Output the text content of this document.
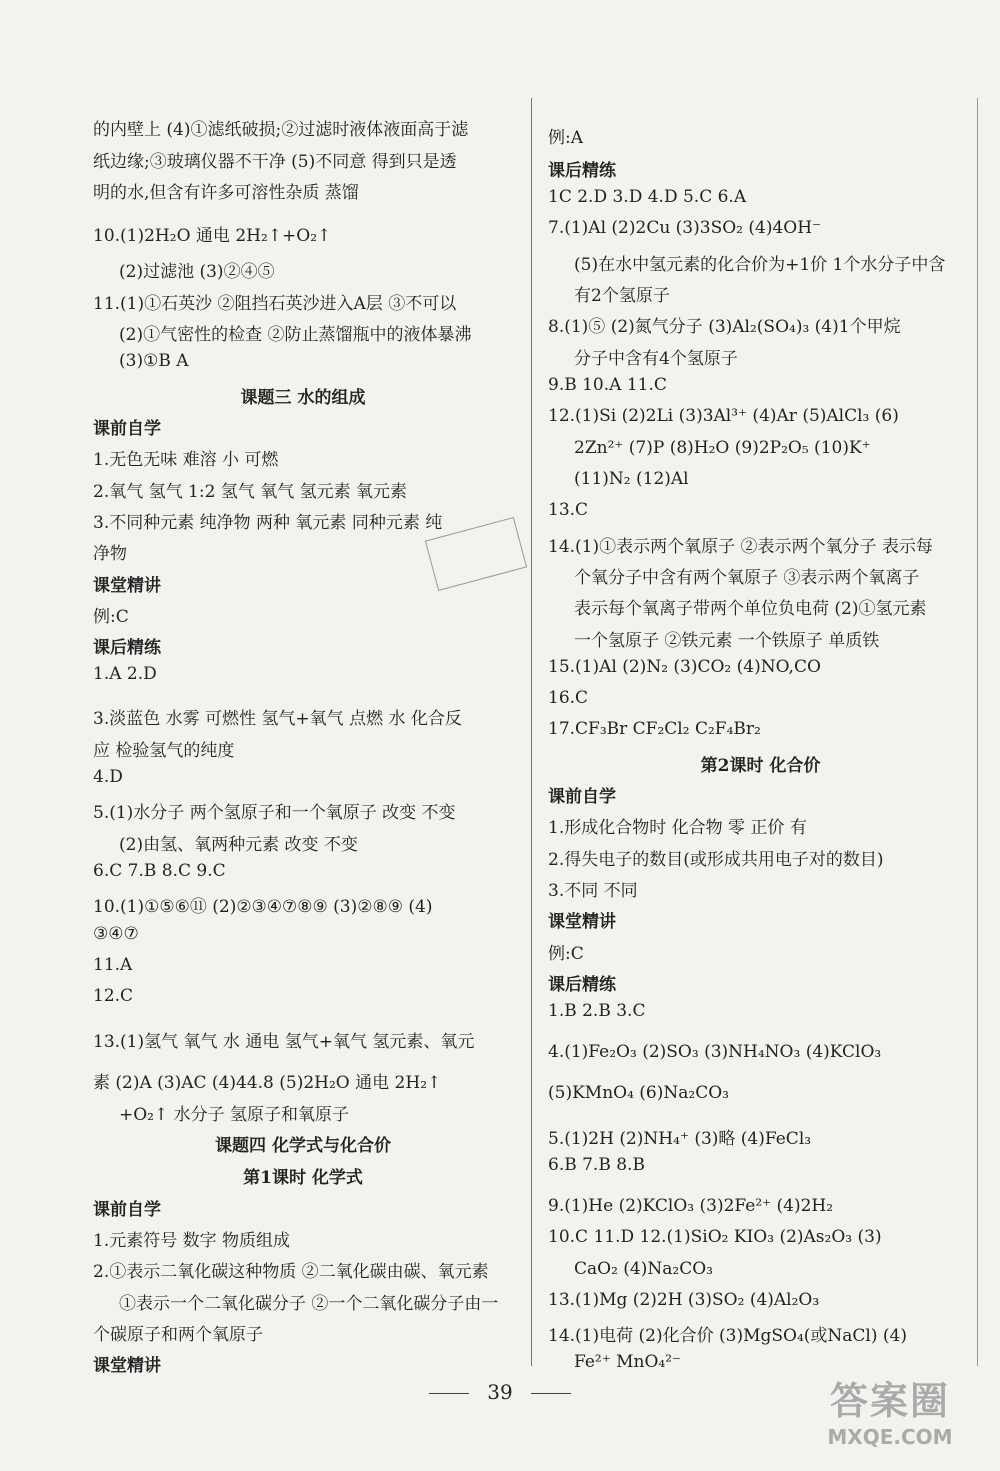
的内壁上 (4)①滤纸破损;②过滤时液体液面高于滤
纸边缘;③玻璃仪器不干净 (5)不同意 得到只是透
明的水,但含有许多可溶性杂质 蒸馏
10.(1)2H₂O 通电 2H₂↑+O₂↑
(2)过滤池 (3)②④⑤
11.(1)①石英沙 ②阻挡石英沙进入A层 ③不可以
(2)①气密性的检查 ②防止蒸馏瓶中的液体暴沸
(3)①B A
课题三 水的组成
课前自学
1.无色无味 难溶 小 可燃
2.氧气 氢气 1:2 氢气 氧气 氢元素 氧元素
3.不同种元素 纯净物 两种 氧元素 同种元素 纯
净物
课堂精讲
例:C
课后精练
1.A 2.D
3.淡蓝色 水雾 可燃性 氢气+氧气 点燃 水 化合反
应 检验氢气的纯度
4.D
5.(1)水分子 两个氢原子和一个氧原子 改变 不变
(2)由氢、氧两种元素 改变 不变
6.C 7.B 8.C 9.C
10.(1)①⑤⑥⑪ (2)②③④⑦⑧⑨ (3)②⑧⑨ (4)
③④⑦
11.A
12.C
13.(1)氢气 氧气 水 通电 氢气+氧气 氢元素、氧元
素 (2)A (3)AC (4)44.8 (5)2H₂O 通电 2H₂↑
+O₂↑ 水分子 氢原子和氧原子
课题四 化学式与化合价
第1课时 化学式
课前自学
1.元素符号 数字 物质组成
2.①表示二氧化碳这种物质 ②二氧化碳由碳、氧元素
①表示一个二氧化碳分子 ②一个二氧化碳分子由一
个碳原子和两个氧原子
课堂精讲
例:A
课后精练
1C 2.D 3.D 4.D 5.C 6.A
7.(1)Al (2)2Cu (3)3SO₂ (4)4OH⁻
(5)在水中氢元素的化合价为+1价 1个水分子中含
有2个氢原子
8.(1)⑤ (2)氮气分子 (3)Al₂(SO₄)₃ (4)1个甲烷
分子中含有4个氢原子
9.B 10.A 11.C
12.(1)Si (2)2Li (3)3Al³⁺ (4)Ar (5)AlCl₃ (6)
2Zn²⁺ (7)P (8)H₂O (9)2P₂O₅ (10)K⁺
(11)N₂ (12)Al
13.C
14.(1)①表示两个氧原子 ②表示两个氧分子 表示每
个氧分子中含有两个氧原子 ③表示两个氧离子
表示每个氧离子带两个单位负电荷 (2)①氢元素
一个氢原子 ②铁元素 一个铁原子 单质铁
15.(1)Al (2)N₂ (3)CO₂ (4)NO,CO
16.C
17.CF₃Br CF₂Cl₂ C₂F₄Br₂
第2课时 化合价
课前自学
1.形成化合物时 化合物 零 正价 有
2.得失电子的数目(或形成共用电子对的数目)
3.不同 不同
课堂精讲
例:C
课后精练
1.B 2.B 3.C
4.(1)Fe₂O₃ (2)SO₃ (3)NH₄NO₃ (4)KClO₃
(5)KMnO₄ (6)Na₂CO₃
5.(1)2H (2)NH₄⁺ (3)略 (4)FeCl₃
6.B 7.B 8.B
9.(1)He (2)KClO₃ (3)2Fe²⁺ (4)2H₂
10.C 11.D 12.(1)SiO₂ KIO₃ (2)As₂O₃ (3)
CaO₂ (4)Na₂CO₃
13.(1)Mg (2)2H (3)SO₂ (4)Al₂O₃
14.(1)电荷 (2)化合价 (3)MgSO₄(或NaCl) (4)
Fe²⁺ MnO₄²⁻
39	答案圈
MXQE.COM
